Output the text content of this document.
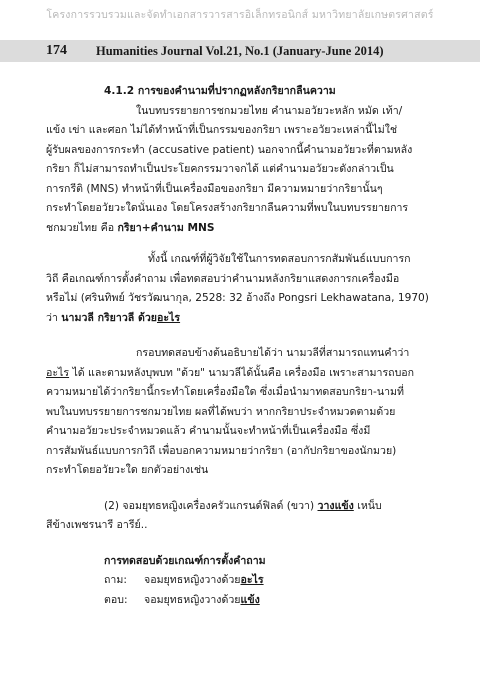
โครงการรวบรวมและจัดทำเอกสารวารสารอิเล็กทรอนิกส์ มหาวิทยาลัยเกษตรศาสตร์
174 Humanities Journal Vol.21, No.1 (January-June 2014)
4.1.2 การของคำนามที่ปรากฏหลังกริยากลืนความ
ในบทบรรยายการชกมวยไทย คำนามอวัยวะหลัก หมัด เท้า/
แข้ง เข่า และศอก ไม่ได้ทำหน้าที่เป็นกรรมของกริยา เพราะอวัยวะเหล่านี้ไม่ใช่
ผู้รับผลของการกระทำ (accusative patient) นอกจากนี้คำนามอวัยวะที่ตามหลัง
กริยา ก็ไม่สามารถทำเป็นประโยคกรรมวาจกได้ แต่คำนามอวัยวะดังกล่าวเป็น
การกรีติ (MNS) ทำหน้าที่เป็นเครื่องมือของกริยา มีความหมายว่ากริยานั้นๆ
กระทำโดยอวัยวะใดนั่นเอง โดยโครงสร้างกริยากลืนความที่พบในบทบรรยายการ
ชกมวยไทย คือ กริยา+คำนาม MNS
ทั้งนี้ เกณฑ์ที่ผู้วิจัยใช้ในการทดสอบการกสัมพันธ์แบบการก
วิถี คือเกณฑ์การตั้งคำถาม เพื่อทดสอบว่าคำนามหลังกริยาแสดงการกเครื่องมือ
หรือไม่ (ศรินทิพย์ วัชรวัฒนากุล, 2528: 32 อ้างถึง Pongsri Lekhawatana, 1970)
ว่า นามวลี กริยาวลี ด้วยอะไร
กรอบทดสอบข้างต้นอธิบายได้ว่า นามวลีที่สามารถแทนคำว่า
อะไร ได้ และตามหลังบุพบท "ด้วย" นามวลีได้นั้นคือ เครื่องมือ เพราะสามารถบอก
ความหมายได้ว่ากริยานี้กระทำโดยเครื่องมือใด ซึ่งเมื่อนำมาทดสอบกริยา-นามที่
พบในบทบรรยายการชกมวยไทย ผลที่ได้พบว่า หากกริยาประจำหมวดตามด้วย
คำนามอวัยวะประจำหมวดแล้ว คำนามนั้นจะทำหน้าที่เป็นเครื่องมือ ซึ่งมี
การสัมพันธ์แบบการกวิถี เพื่อบอกความหมายว่ากริยา (อากัปกริยาของนักมวย)
กระทำโดยอวัยวะใด ยกตัวอย่างเช่น
(2) จอมยุทธหญิงเครื่องครัวแกรนด์ฟิลด์ (ขวา) วางแข้ง เหน็บ
สีข้างเพชรนารี อารีย์..
การทดสอบด้วยเกณฑ์การตั้งคำถาม
ถาม: จอมยุทธหญิงวางด้วยอะไร
ตอบ: จอมยุทธหญิงวางด้วยแข้ง
